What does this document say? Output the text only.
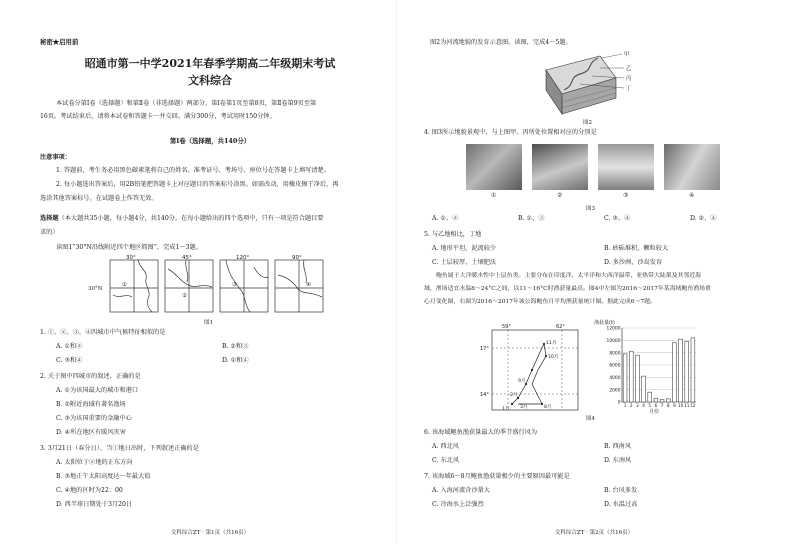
秘密★启用前
昭通市第一中学2021年春季学期高二年级期末考试
文科综合
本试卷分第Ⅰ卷（选择题）和第Ⅱ卷（非选择题）两部分。第Ⅰ卷第1页至第8页，第Ⅱ卷第9页至第
16页。考试结束后，请将本试卷和答题卡一并交回。满分300分，考试用时150分钟。
第Ⅰ卷（选择题，共140分）
注意事项：
1. 答题前，考生务必用黑色碳素笔将自己的姓名、准考证号、考场号、座位号在答题卡上填写清楚。
2. 每小题选出答案后，用2B铅笔把答题卡上对应题目的答案标号涂黑。如需改动，用橡皮擦干净后，再
选涂其他答案标号。在试题卷上作答无效。
选择题（本大题共35小题，每小题4分，共140分。在每小题给出的四个选项中，只有一项是符合题目要
求的）
读图1“30°N沿线附近四个地区简图”，完成1～3题。
30°	45°	120°	90°
①
②
③	④
30°N
图1
1. ①、②、③、④四城市中气候特征相似的是
A. ①和②	B. ②和③
C. ③和④	D. ①和④
2. 关于图中四城市的叙述，正确的是
A. ①为该国最大的城市和港口
B. ②附近海域有著名渔场
C. ③为该国重要的金融中心
D. ④所在地区有暖风灾害
3. 3月21日（春分日），当①地日出时，下列叙述正确的是
A. 太阳位于②地的正东方向
B. ③地正午太阳高度达一年最大值
C. ④地的区时为22：00
D. 西半球日期处于3月20日
文科综合ZT · 第1页（共16页）
图2为河流地貌的发育示意图。读图，完成4～5题。
甲
乙
丙
丁
图2
4. 图3所示地貌景观中，与上图甲、丙所处位置相对应的分别是
①	②	③	④
图3
A. ①、②	B. ①、③	C. ③、④	D. ②、④
5. 与乙地相比，丁地
A. 地形平坦，泥流较少	B. 砂砾堆积，颗粒较大
C. 土层较厚，土壤肥沃	D. 多沙洲，沙岛发育
鲍鱼属于大洋暖水性中上层鱼类。主要分布在印度洋、太平洋和大西洋温带、亚热带大陆架及其邻近海
域，渔场适宜水温8～24°C之间，以11～16°C时渔获量最高。图4中左图为2016～2017年某海域鲍鱼渔场重
心月变化图，右图为2016～2017年该公海鲍鱼月平均渔获量统计图。据此完成6～7题。
59°	62°
17°
14°
1月
2月
3月	8月
9月
10月
11月
渔获量(t)
0
2000
4000
6000
8000
10000
12000
1 2 3 4 5 6 7 8 9 10 11 12
月份
图4
6. 该海域鲍鱼渔获量最大的季节盛行风为
A. 西北风	B. 西南风
C. 东北风	D. 东南风
7. 该海域6～8月鲍鱼渔获量极少的主要原因最可能是
A. 入海河流含沙量大	B. 台风多发
C. 冷海水上泛强烈	D. 水温过高
文科综合ZT · 第2页（共16页）
